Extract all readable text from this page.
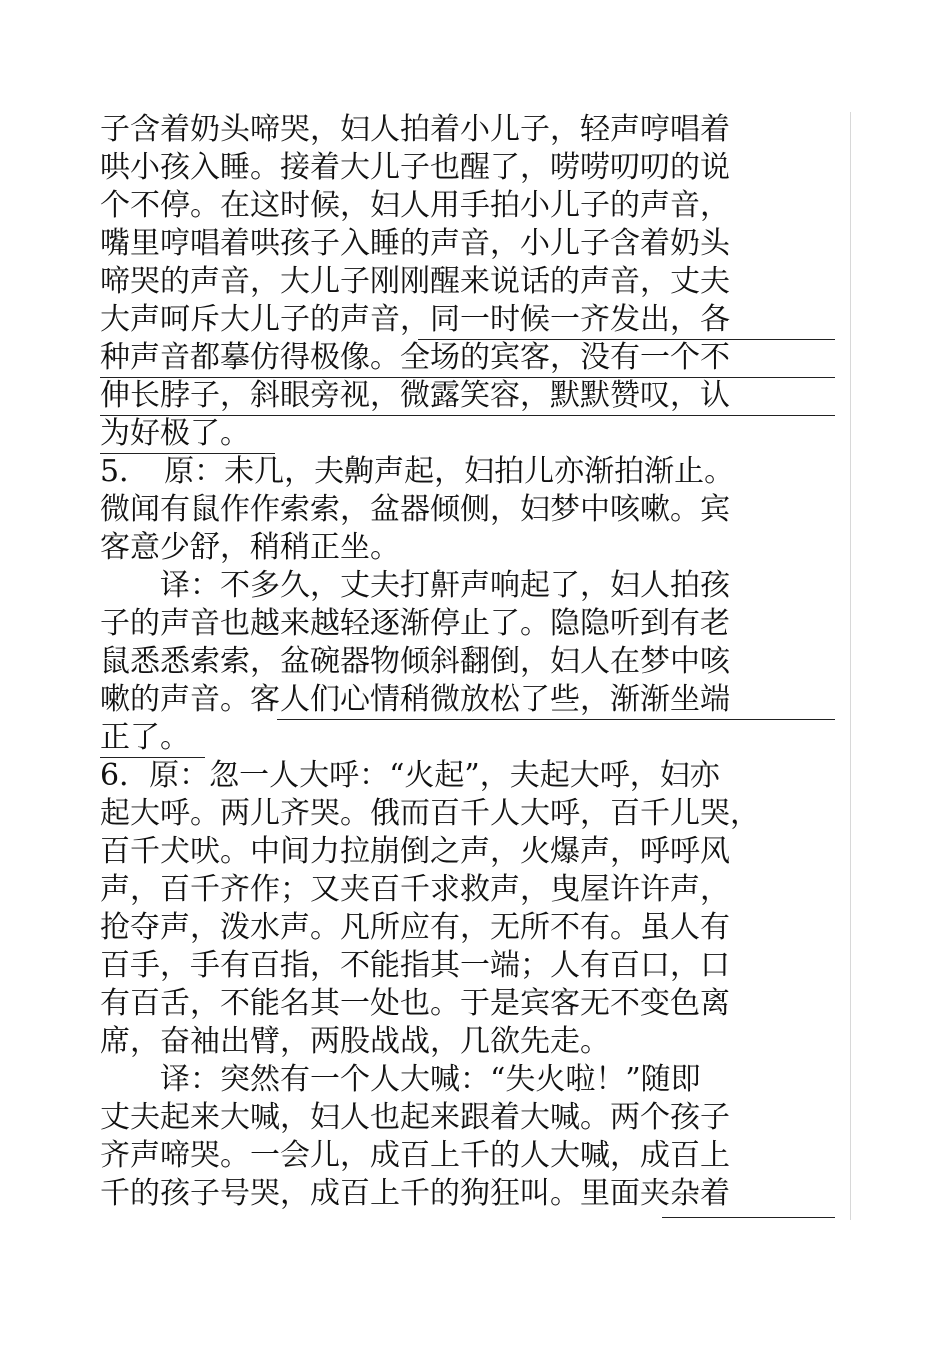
子含着奶头啼哭，妇人拍着小儿子，轻声哼唱着
哄小孩入睡。接着大儿子也醒了，唠唠叨叨的说
个不停。在这时候，妇人用手拍小儿子的声音，
嘴里哼唱着哄孩子入睡的声音，小儿子含着奶头
啼哭的声音，大儿子刚刚醒来说话的声音，丈夫
大声呵斥大儿子的声音，同一时候一齐发出，各
种声音都摹仿得极像。全场的宾客，没有一个不
伸长脖子，斜眼旁视，微露笑容，默默赞叹，认
为好极了。
5．　原：未几，夫齁声起，妇拍儿亦渐拍渐止。
微闻有鼠作作索索，盆器倾侧，妇梦中咳嗽。宾
客意少舒，稍稍正坐。
译：不多久，丈夫打鼾声响起了，妇人拍孩
子的声音也越来越轻逐渐停止了。隐隐听到有老
鼠悉悉索索，盆碗器物倾斜翻倒，妇人在梦中咳
嗽的声音。客人们心情稍微放松了些，渐渐坐端
正了。
6．原：忽一人大呼：“火起”，夫起大呼，妇亦
起大呼。两儿齐哭。俄而百千人大呼，百千儿哭，
百千犬吠。中间力拉崩倒之声，火爆声，呼呼风
声，百千齐作；又夹百千求救声，曳屋许许声，
抢夺声，泼水声。凡所应有，无所不有。虽人有
百手，手有百指，不能指其一端；人有百口，口
有百舌，不能名其一处也。于是宾客无不变色离
席，奋袖出臂，两股战战，几欲先走。
译：突然有一个人大喊：“失火啦！”随即
丈夫起来大喊，妇人也起来跟着大喊。两个孩子
齐声啼哭。一会儿，成百上千的人大喊，成百上
千的孩子号哭，成百上千的狗狂叫。里面夹杂着
